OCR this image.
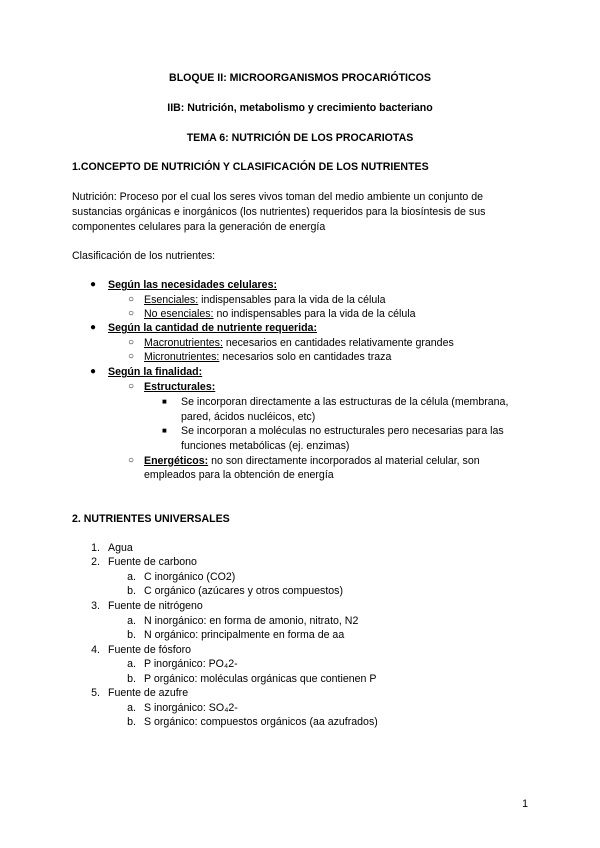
BLOQUE II: MICROORGANISMOS PROCARIÓTICOS
IIB: Nutrición, metabolismo y crecimiento bacteriano
TEMA 6: NUTRICIÓN DE LOS PROCARIOTAS
1.CONCEPTO DE NUTRICIÓN Y CLASIFICACIÓN DE LOS NUTRIENTES
Nutrición: Proceso por el cual los seres vivos toman del medio ambiente un conjunto de
sustancias orgánicas e inorgánicos (los nutrientes) requeridos para la biosíntesis de sus
componentes celulares para la generación de energía
Clasificación de los nutrientes:
● Según las necesidades celulares:
○ Esenciales: indispensables para la vida de la célula
○ No esenciales: no indispensables para la vida de la célula
● Según la cantidad de nutriente requerida:
○ Macronutrientes: necesarios en cantidades relativamente grandes
○ Micronutrientes: necesarios solo en cantidades traza
● Según la finalidad:
○ Estructurales:
■ Se incorporan directamente a las estructuras de la célula (membrana,
pared, ácidos nucléicos, etc)
■ Se incorporan a moléculas no estructurales pero necesarias para las
funciones metabólicas (ej. enzimas)
○ Energéticos: no son directamente incorporados al material celular, son
empleados para la obtención de energía
2. NUTRIENTES UNIVERSALES
1. Agua
2. Fuente de carbono
a. C inorgánico (CO2)
b. C orgánico (azúcares y otros compuestos)
3. Fuente de nitrógeno
a. N inorgánico: en forma de amonio, nitrato, N2
b. N orgánico: principalmente en forma de aa
4. Fuente de fósforo
a. P inorgánico: PO₄2-
b. P orgánico: moléculas orgánicas que contienen P
5. Fuente de azufre
a. S inorgánico: SO₄2-
b. S orgánico: compuestos orgánicos (aa azufrados)
1
